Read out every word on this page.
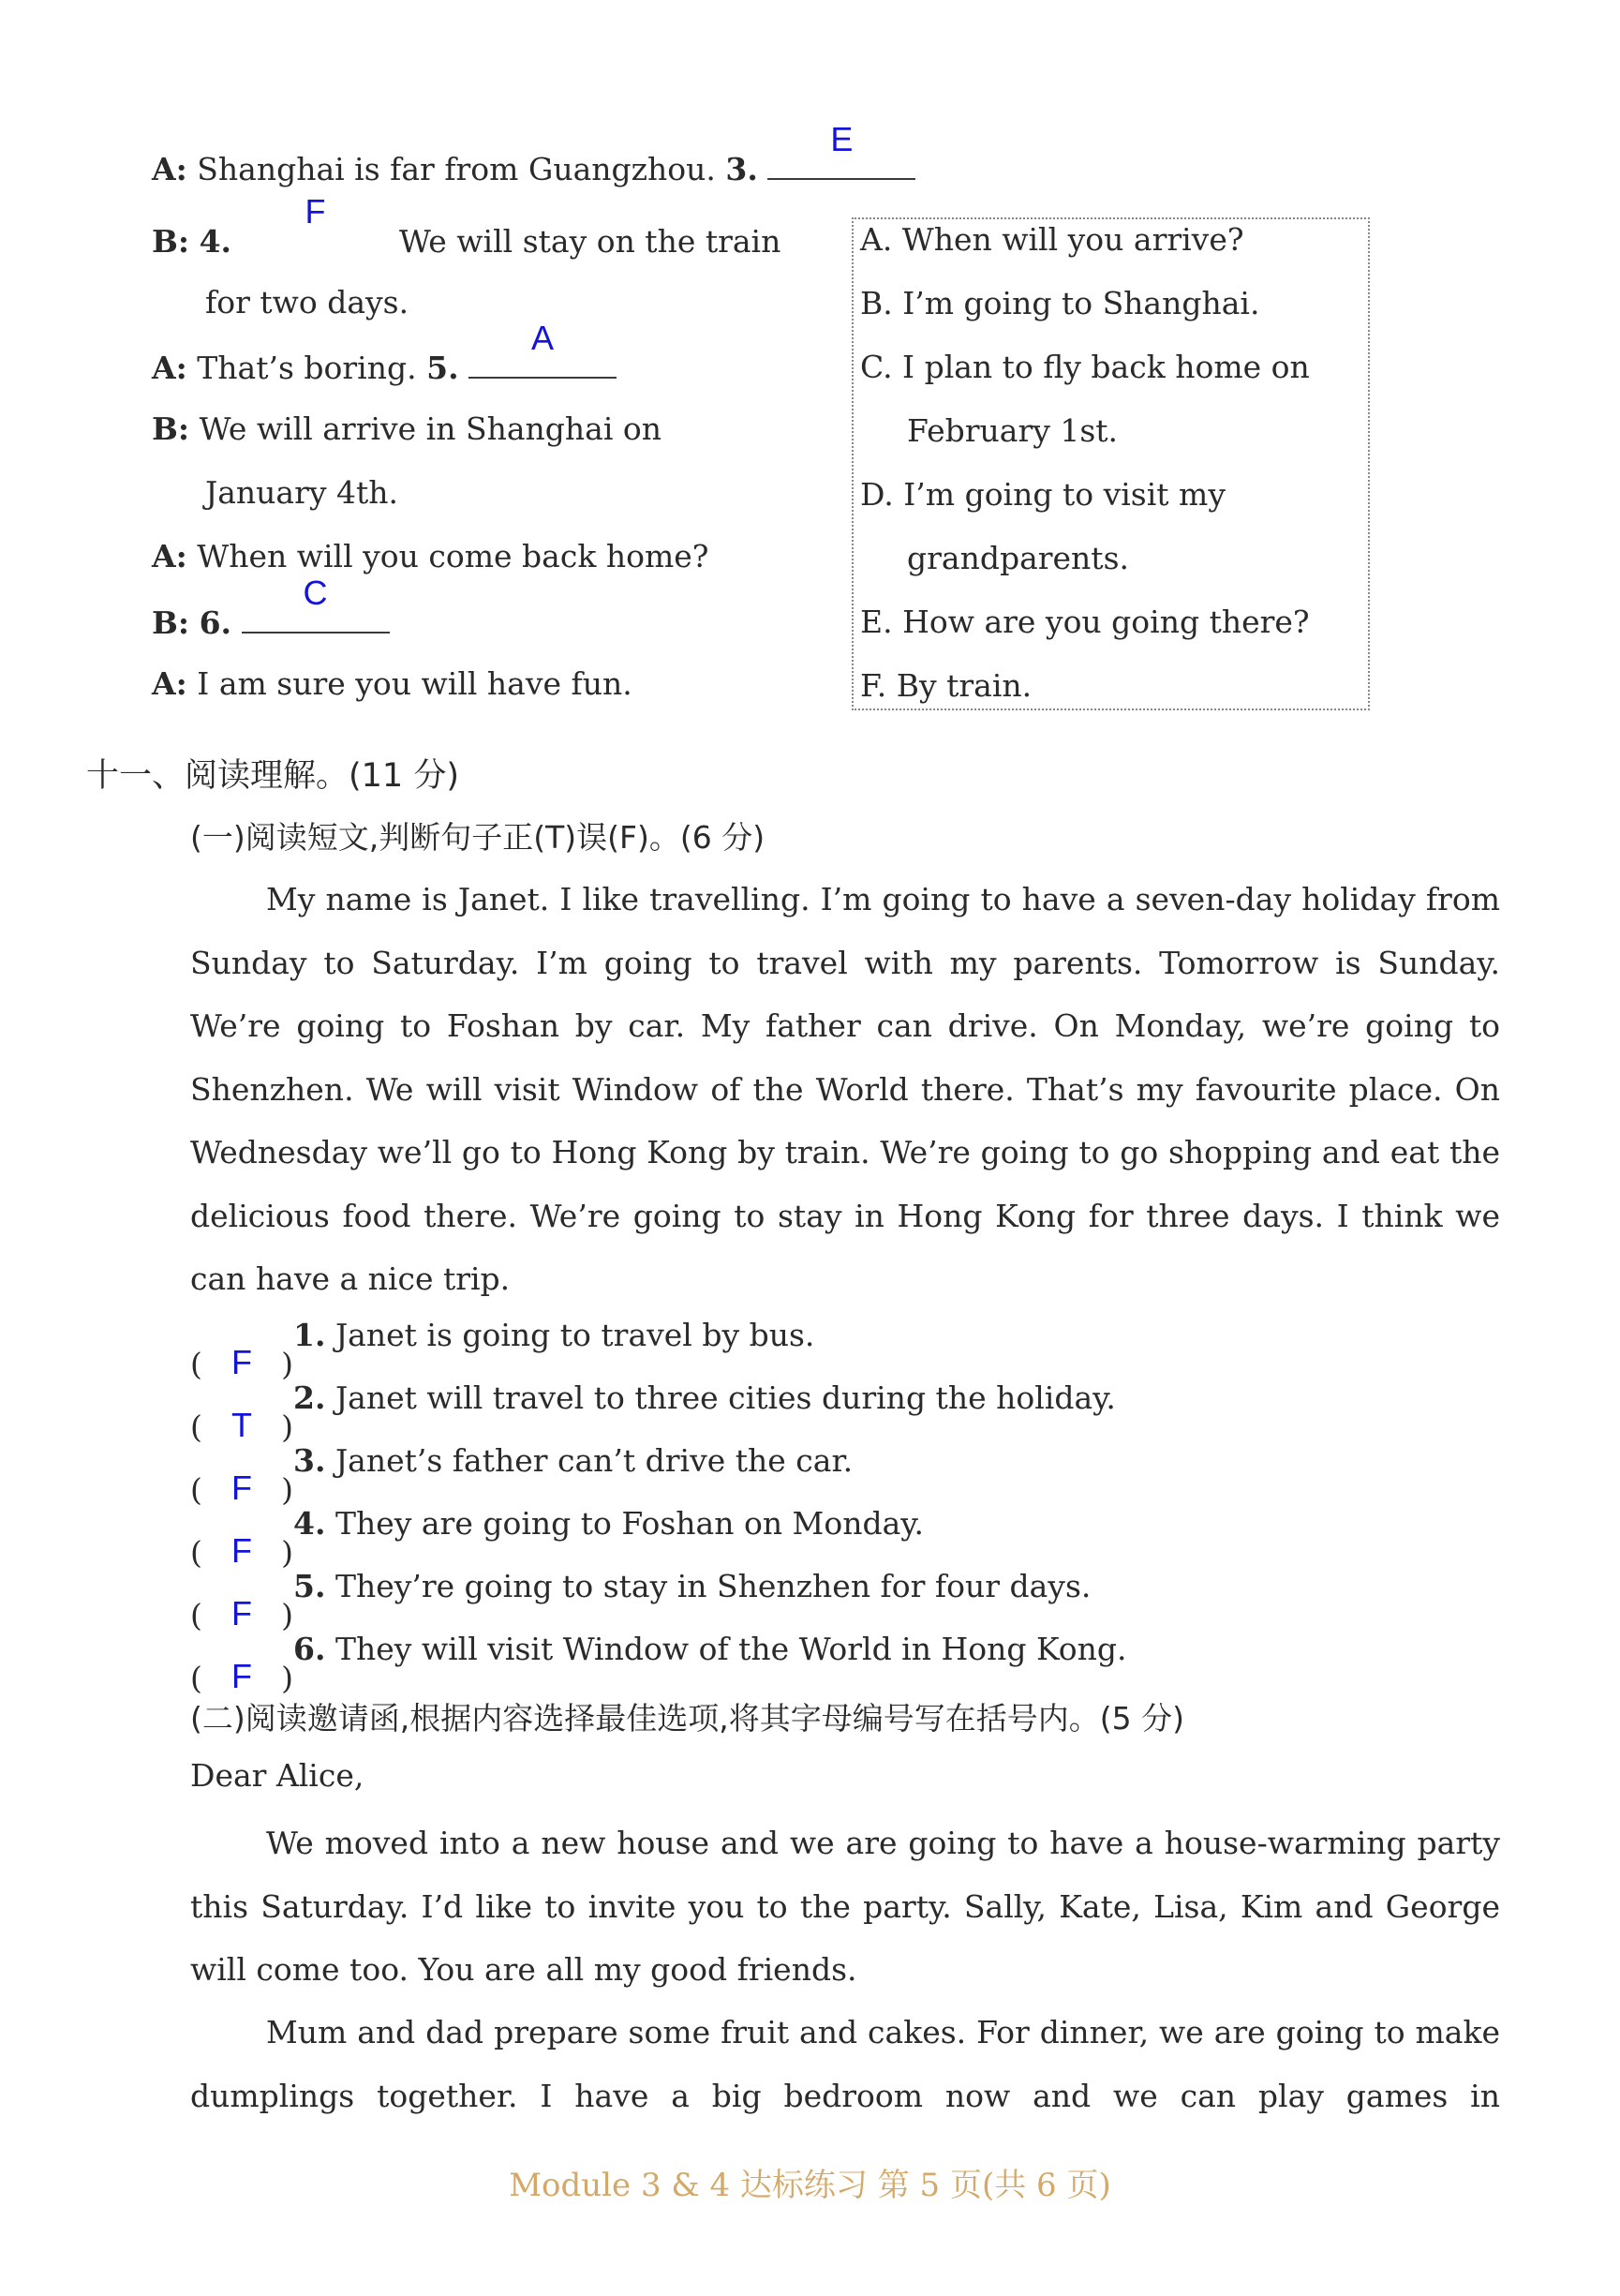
A: Shanghai is far from Guangzhou. 3.
E
B: 4.
F
We will stay on the train
for two days.
A: That’s boring. 5.
A
B: We will arrive in Shanghai on
January 4th.
A: When will you come back home?
B: 6.
C
A: I am sure you will have fun.
A. When will you arrive?
B. I’m going to Shanghai.
C. I plan to fly back home on
February 1st.
D. I’m going to visit my
grandparents.
E. How are you going there?
F. By train.
十一、阅读理解。(11 分)
(一)阅读短文,判断句子正(T)误(F)。(6 分)
My name is Janet. I like travelling. I’m going to have a seven-day holiday from Sunday to Saturday. I’m going to travel with my parents. Tomorrow is Sunday. We’re going to Foshan by car. My father can drive. On Monday, we’re going to Shenzhen. We will visit Window of the World there. That’s my favourite place. On Wednesday we’ll go to Hong Kong by train. We’re going to go shopping and eat the delicious food there. We’re going to stay in Hong Kong for three days. I think we can have a nice trip.
( F )
1. Janet is going to travel by bus.
( T )
2. Janet will travel to three cities during the holiday.
( F )
3. Janet’s father can’t drive the car.
( F )
4. They are going to Foshan on Monday.
( F )
5. They’re going to stay in Shenzhen for four days.
( F )
6. They will visit Window of the World in Hong Kong.
(二)阅读邀请函,根据内容选择最佳选项,将其字母编号写在括号内。(5 分)
Dear Alice,
We moved into a new house and we are going to have a house-warming party this Saturday. I’d like to invite you to the party. Sally, Kate, Lisa, Kim and George will come too. You are all my good friends.
Mum and dad prepare some fruit and cakes. For dinner, we are going to make dumplings together. I have a big bedroom now and we can play games in
Module 3 & 4 达标练习 第 5 页(共 6 页)
